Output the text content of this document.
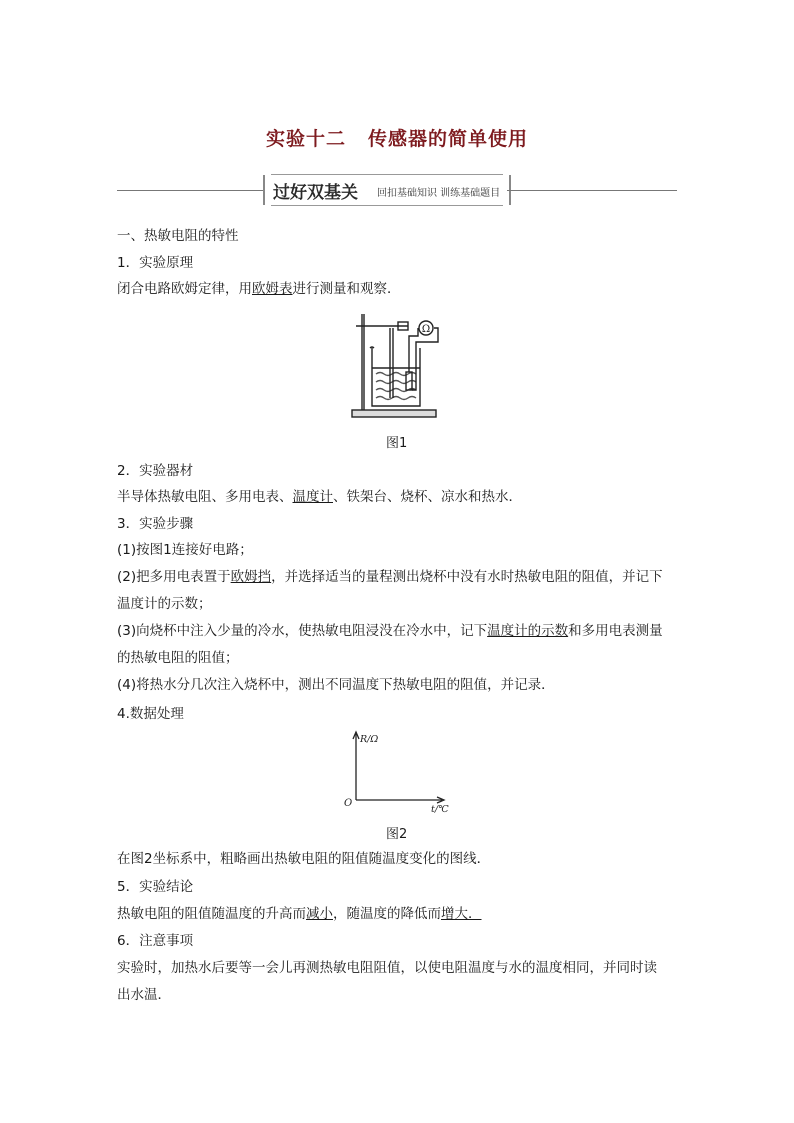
实验十二 传感器的简单使用
过好双基关 回扣基础知识 训练基础题目
一、热敏电阻的特性
1．实验原理
闭合电路欧姆定律，用欧姆表进行测量和观察．
Ω
图1
2．实验器材
半导体热敏电阻、多用电表、温度计、铁架台、烧杯、凉水和热水．
3．实验步骤
(1)按图1连接好电路；
(2)把多用电表置于欧姆挡，并选择适当的量程测出烧杯中没有水时热敏电阻的阻值，并记下
温度计的示数；
(3)向烧杯中注入少量的冷水，使热敏电阻浸没在冷水中，记下温度计的示数和多用电表测量
的热敏电阻的阻值；
(4)将热水分几次注入烧杯中，测出不同温度下热敏电阻的阻值，并记录．
4.数据处理
R/Ω
t/℃
O
图2
在图2坐标系中，粗略画出热敏电阻的阻值随温度变化的图线．
5．实验结论
热敏电阻的阻值随温度的升高而减小，随温度的降低而增大．
6．注意事项
实验时，加热水后要等一会儿再测热敏电阻阻值，以使电阻温度与水的温度相同，并同时读
出水温．
